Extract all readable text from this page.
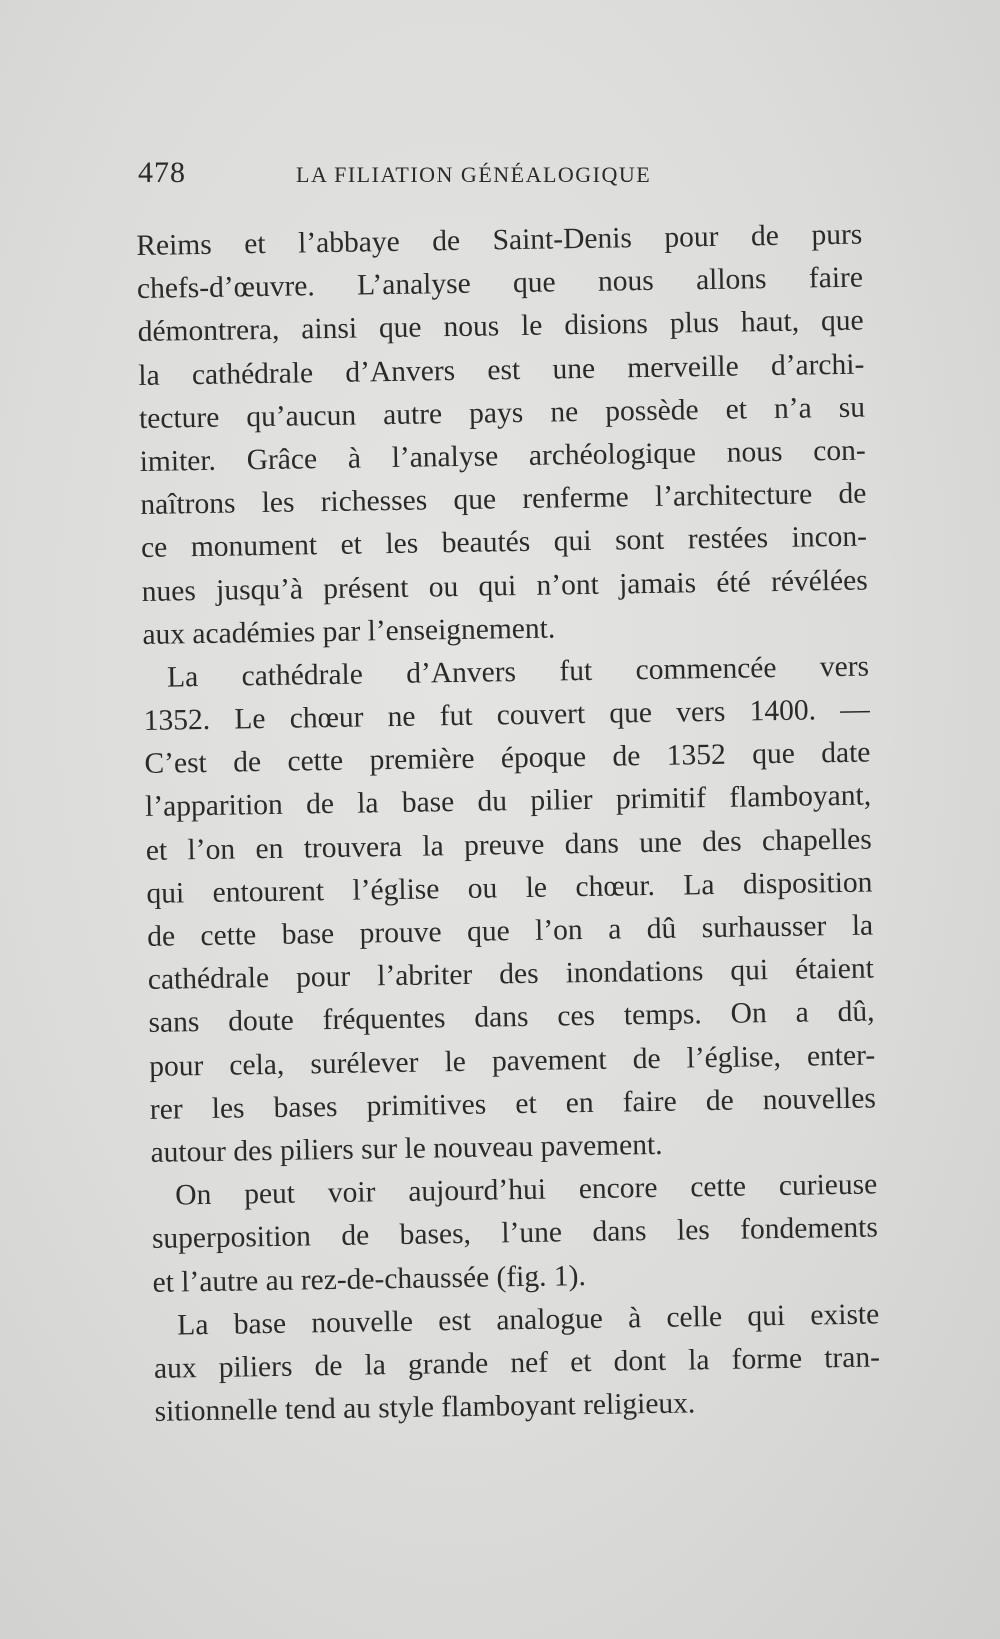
478	LA FILIATION GÉNÉALOGIQUE
Reims et l’abbaye de Saint-Denis pour de purs
chefs-d’œuvre. L’analyse que nous allons faire
démontrera, ainsi que nous le disions plus haut, que
la cathédrale d’Anvers est une merveille d’archi-
tecture qu’aucun autre pays ne possède et n’a su
imiter. Grâce à l’analyse archéologique nous con-
naîtrons les richesses que renferme l’architecture de
ce monument et les beautés qui sont restées incon-
nues jusqu’à présent ou qui n’ont jamais été révélées
aux académies par l’enseignement.
La cathédrale d’Anvers fut commencée vers
1352. Le chœur ne fut couvert que vers 1400. —
C’est de cette première époque de 1352 que date
l’apparition de la base du pilier primitif flamboyant,
et l’on en trouvera la preuve dans une des chapelles
qui entourent l’église ou le chœur. La disposition
de cette base prouve que l’on a dû surhausser la
cathédrale pour l’abriter des inondations qui étaient
sans doute fréquentes dans ces temps. On a dû,
pour cela, surélever le pavement de l’église, enter-
rer les bases primitives et en faire de nouvelles
autour des piliers sur le nouveau pavement.
On peut voir aujourd’hui encore cette curieuse
superposition de bases, l’une dans les fondements
et l’autre au rez-de-chaussée (fig. 1).
La base nouvelle est analogue à celle qui existe
aux piliers de la grande nef et dont la forme tran-
sitionnelle tend au style flamboyant religieux.
